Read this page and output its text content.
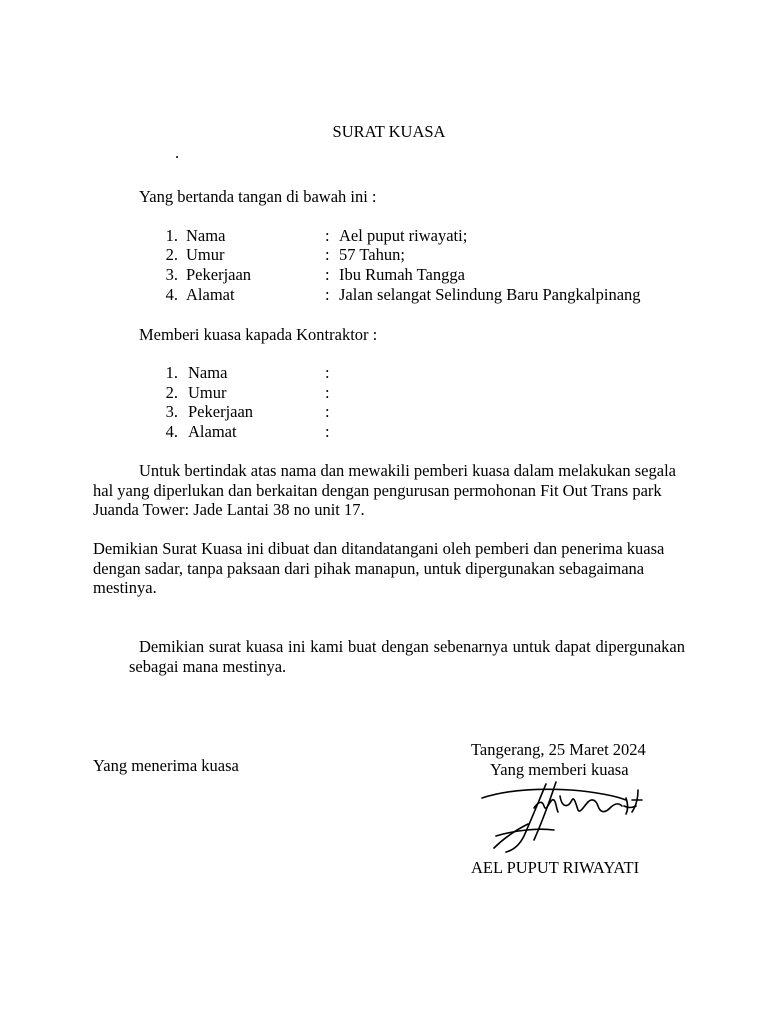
SURAT KUASA
.
Yang bertanda tangan di bawah ini :
1. Nama	: Ael puput riwayati;
2. Umur	: 57 Tahun;
3. Pekerjaan	: Ibu Rumah Tangga
4. Alamat	: Jalan selangat Selindung Baru Pangkalpinang
Memberi kuasa kapada Kontraktor :
1. Nama	:
2. Umur	:
3. Pekerjaan	:
4. Alamat	:
Untuk bertindak atas nama dan mewakili pemberi kuasa dalam melakukan segala hal yang diperlukan dan berkaitan dengan pengurusan permohonan Fit Out Trans park Juanda Tower: Jade Lantai 38 no unit 17.
Demikian Surat Kuasa ini dibuat dan ditandatangani oleh pemberi dan penerima kuasa dengan sadar, tanpa paksaan dari pihak manapun, untuk dipergunakan sebagaimana mestinya.
Demikian surat kuasa ini kami buat dengan sebenarnya untuk dapat dipergunakan sebagai mana mestinya.
Yang menerima kuasa
Tangerang, 25 Maret 2024
Yang memberi kuasa
AEL PUPUT RIWAYATI
